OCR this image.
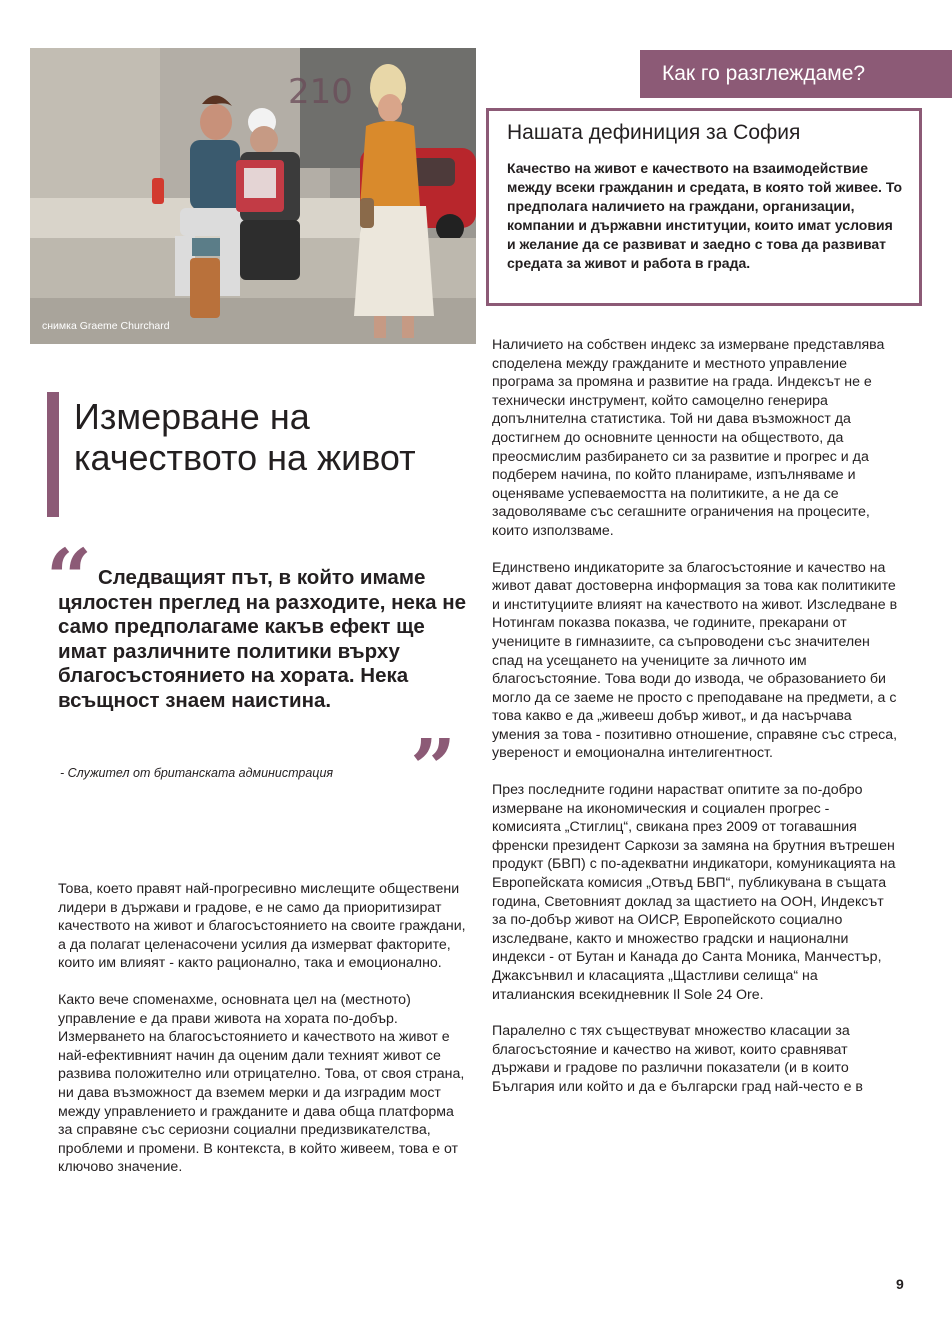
210
снимка Graeme Churchard
Как го разглеждаме?
Нашата дефиниция за София

Качество на живот е качеството на взаимодействие между всеки гражданин и средата, в която той живее. То предполага наличието на граждани, организации, компании и държавни институции, които имат условия и желание да се развиват и заедно с това да развиват средата за живот и работа в града.

Измерване на качеството на живот
“ Следващият път, в който имаме цялостен преглед на разходите, нека не само предполагаме какъв ефект ще имат различните политики върху благосъстоянието на хората. Нека всъщност знаем наистина.
- Служител от британската администрация ”

Това, което правят най-прогресивно мислещите обществени лидери в държави и градове, е не само да приоритизират качеството на живот и благосъстоянието на своите граждани, а да полагат целенасочени усилия да измерват факторите, които им влияят - както рационално, така и емоционално.

Както вече споменахме, основната цел на (местното) управление е да прави живота на хората по-добър. Измерването на благосъстоянието и качеството на живот е най-ефективният начин да оценим дали техният живот се развива положително или отрицателно. Това, от своя страна, ни дава възможност да вземем мерки и да изградим мост между управлението и гражданите и дава обща платформа за справяне със сериозни социални предизвикателства, проблеми и промени. В контекста, в който живеем, това е от ключово значение.

Наличието на собствен индекс за измерване представлява споделена между гражданите и местното управление програма за промяна и развитие на града. Индексът не е технически инструмент, който самоцелно генерира допълнителна статистика. Той ни дава възможност да достигнем до основните ценности на обществото, да преосмислим разбирането си за развитие и прогрес и да подберем начина, по който планираме, изпълняваме и оценяваме успеваемостта на политиките, а не да се задоволяваме със сегашните ограничения на процесите, които използваме.

Единствено индикаторите за благосъстояние и качество на живот дават достоверна информация за това как политиките и институциите влияят на качеството на живот. Изследване в Нотингам показва показва, че годините, прекарани от учениците в гимназиите, са съпроводени със значителен спад на усещането на учениците за личното им благосъстояние. Това води до извода, че образованието би могло да се заеме не просто с преподаване на предмети, а с това какво е да „живееш добър живот„ и да насърчава умения за това - позитивно отношение, справяне със стреса, увереност и емоционална интелигентност.

През последните години нарастват опитите за по-добро измерване на икономическия и социален прогрес - комисията „Стиглиц“, свикана през 2009 от тогавашния френски президент Саркози за замяна на брутния вътрешен продукт (БВП) с по-адекватни индикатори, комуникацията на Европейската комисия „Отвъд БВП“, публикувана в същата година, Световният доклад за щастието на ООН, Индексът за по-добър живот на ОИСР, Европейското социално изследване, както и множество градски и национални индекси - от Бутан и Канада до Санта Моника, Манчестър, Джаксънвил и класацията „Щастливи селища“ на италианския всекидневник Il Sole 24 Ore.

Паралелно с тях съществуват множество класации за благосъстояние и качество на живот, които сравняват държави и градове по различни показатели (и в които България или който и да е български град най-често е в

9
